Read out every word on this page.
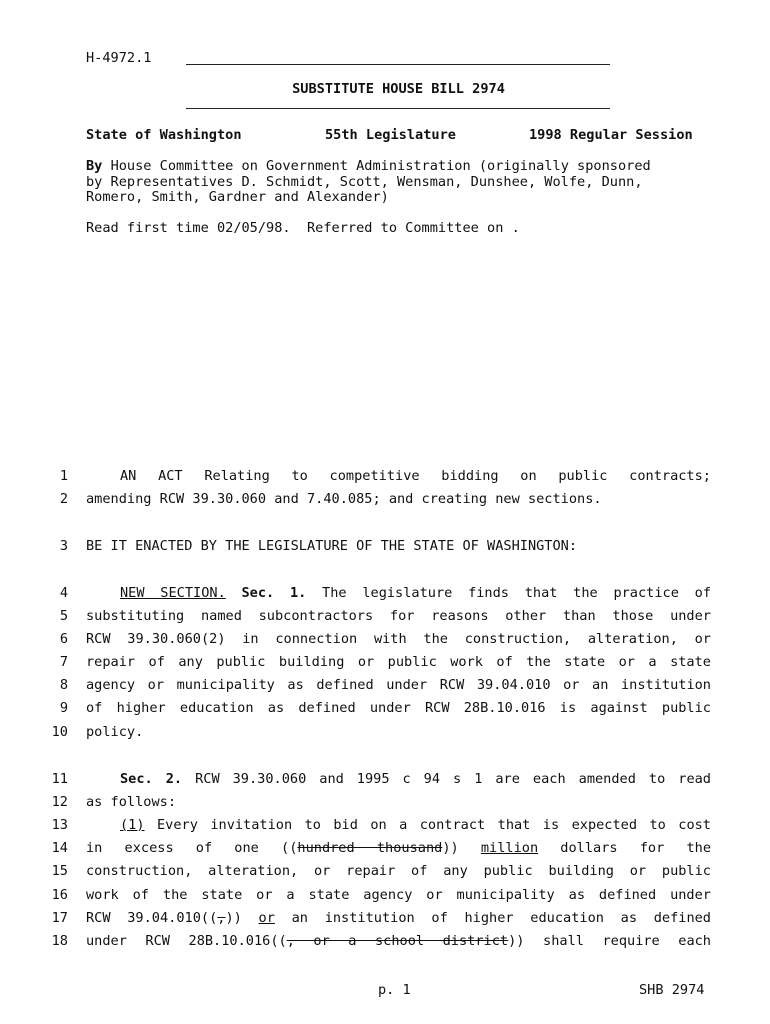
H-4972.1
SUBSTITUTE HOUSE BILL 2974
State of Washington	55th Legislature	1998 Regular Session
By House Committee on Government Administration (originally sponsored
by Representatives D. Schmidt, Scott, Wensman, Dunshee, Wolfe, Dunn,
Romero, Smith, Gardner and Alexander)
Read first time 02/05/98.  Referred to Committee on .
1
2
3
4
5
6
7
8
9
10
11
12
13
14
15
16
17
18
AN ACT Relating to competitive bidding on public contracts;
amending RCW 39.30.060 and 7.40.085; and creating new sections.
BE IT ENACTED BY THE LEGISLATURE OF THE STATE OF WASHINGTON:
NEW SECTION. Sec. 1. The legislature finds that the practice of
substituting named subcontractors for reasons other than those under
RCW 39.30.060(2) in connection with the construction, alteration, or
repair of any public building or public work of the state or a state
agency or municipality as defined under RCW 39.04.010 or an institution
of higher education as defined under RCW 28B.10.016 is against public
policy.
Sec. 2. RCW 39.30.060 and 1995 c 94 s 1 are each amended to read
as follows:
(1) Every invitation to bid on a contract that is expected to cost
in excess of one ((hundred thousand)) million dollars for the
construction, alteration, or repair of any public building or public
work of the state or a state agency or municipality as defined under
RCW 39.04.010((,)) or an institution of higher education as defined
under RCW 28B.10.016((, or a school district)) shall require each
p. 1	SHB 2974
